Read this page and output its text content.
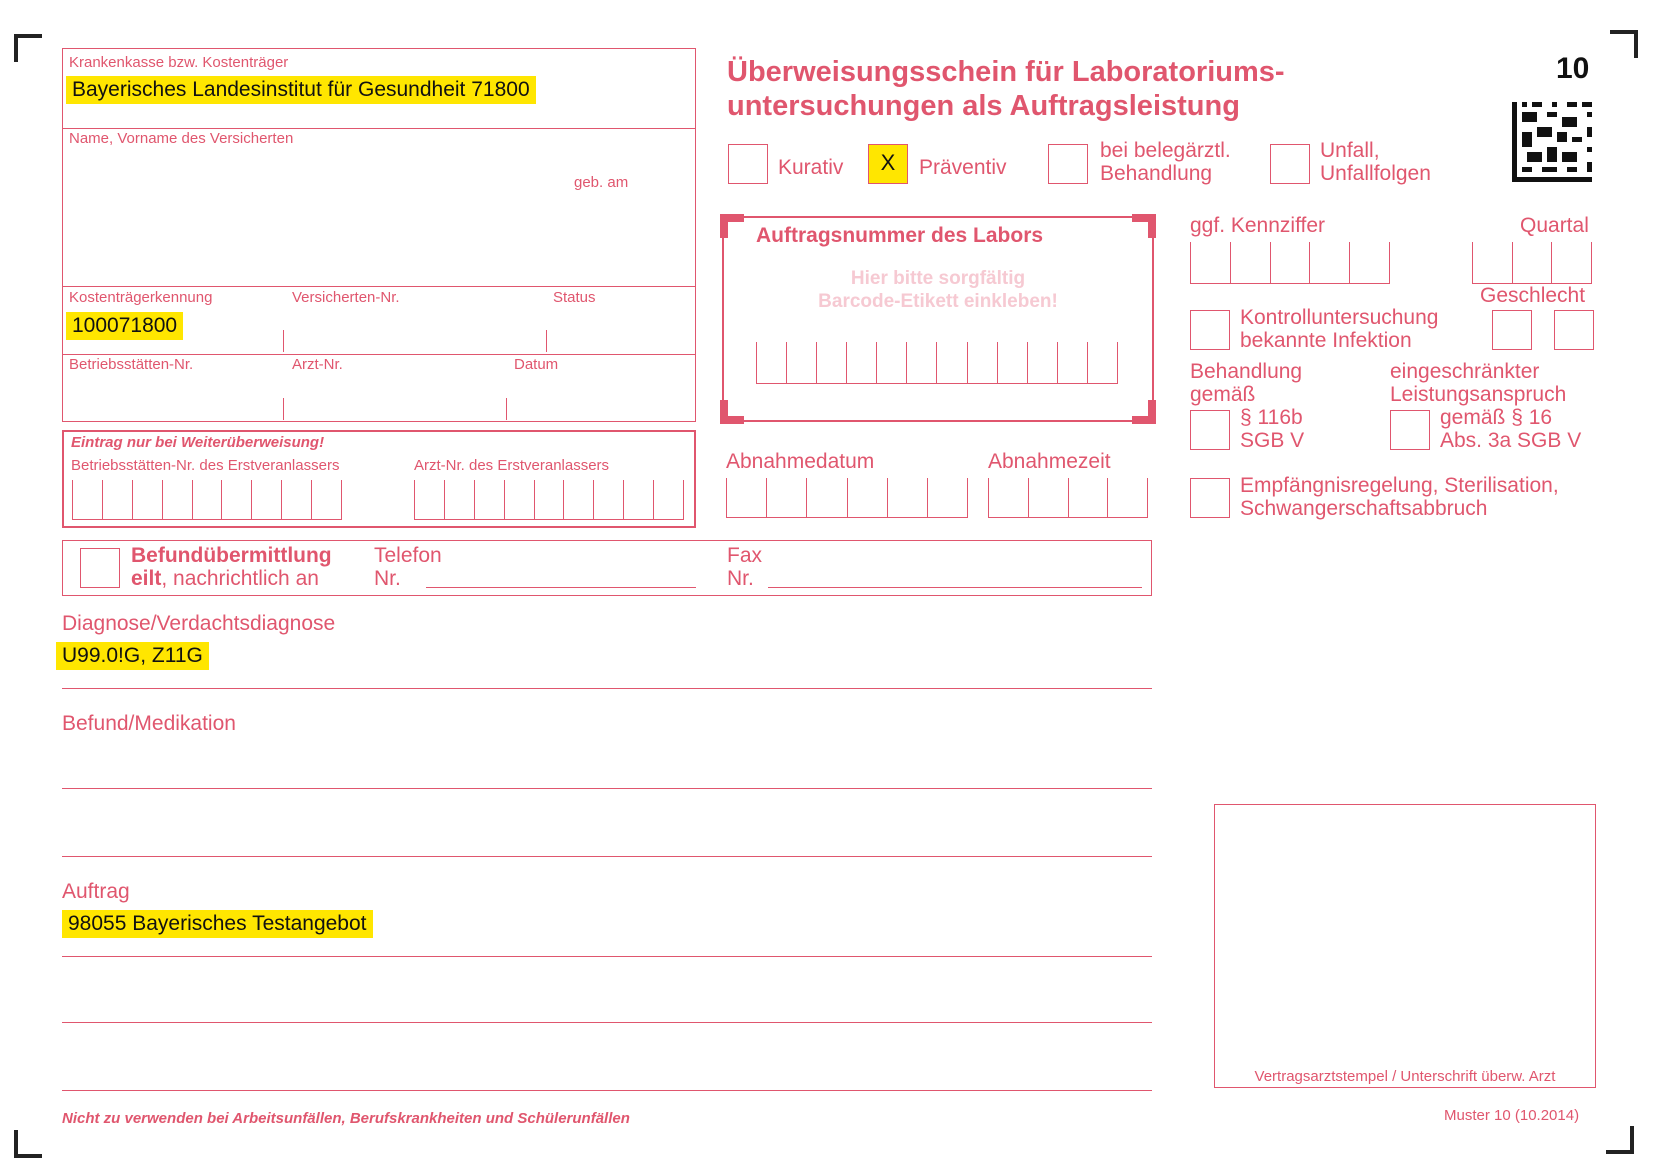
10
Krankenkasse bzw. Kostenträger
Bayerisches Landesinstitut für Gesundheit 71800
Name, Vorname des Versicherten
geb. am
Kostenträgerkennung	Versicherten-Nr.	Status
100071800
Betriebsstätten-Nr.	Arzt-Nr.	Datum
Eintrag nur bei Weiterüberweisung!
Betriebsstätten-Nr. des Erstveranlassers	Arzt-Nr. des Erstveranlassers
Befundübermittlung
eilt, nachrichtlich an
Telefon
Nr.
Fax
Nr.
Überweisungsschein für Laboratoriums-
untersuchungen als Auftragsleistung
Kurativ	X	Präventiv
bei belegärztl.
Behandlung
Unfall,
Unfallfolgen
Auftragsnummer des Labors
Hier bitte sorgfältig
Barcode-Etikett einkleben!
Abnahmedatum	Abnahmezeit
ggf. Kennziffer	Quartal
Geschlecht
Kontrolluntersuchung
bekannte Infektion
Behandlung
gemäß
§ 116b
SGB V
eingeschränkter
Leistungsanspruch
gemäß § 16
Abs. 3a SGB V
Empfängnisregelung, Sterilisation,
Schwangerschaftsabbruch
Diagnose/Verdachtsdiagnose
U99.0!G, Z11G
Befund/Medikation
Auftrag
98055 Bayerisches Testangebot
Vertragsarztstempel / Unterschrift überw. Arzt
Nicht zu verwenden bei Arbeitsunfällen, Berufskrankheiten und Schülerunfällen	Muster 10 (10.2014)
